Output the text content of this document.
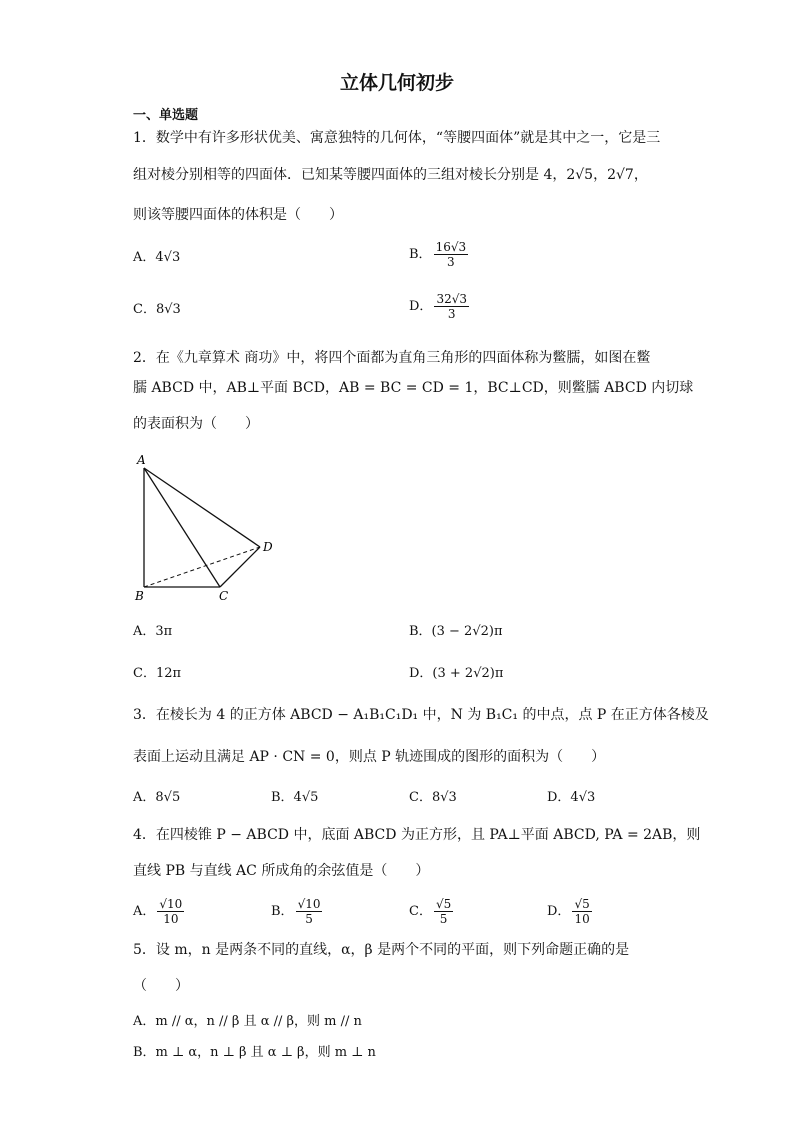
立体几何初步
一、单选题
1．数学中有许多形状优美、寓意独特的几何体，“等腰四面体”就是其中之一，它是三
组对棱分别相等的四面体．已知某等腰四面体的三组对棱长分别是 4，2√5，2√7，
则该等腰四面体的体积是（　　）
A．4√3	B． $\frac{16√3}{3}$
C．8√3	D． $\frac{32√3}{3}$
2．在《九章算术 商功》中，将四个面都为直角三角形的四面体称为鳖臑，如图在鳖
臑 ABCD 中，AB⊥平面 BCD，AB = BC = CD = 1，BC⊥CD，则鳖臑 ABCD 内切球
的表面积为（　　）
A
B	C
D
A．3π	B．(3 − 2√2)π
C．12π	D．(3 + 2√2)π
3．在棱长为 4 的正方体 ABCD − A₁B₁C₁D₁ 中，N 为 B₁C₁ 的中点，点 P 在正方体各棱及
表面上运动且满足 AP · CN = 0，则点 P 轨迹围成的图形的面积为（　　）
A．8√5	B．4√5	C．8√3	D．4√3
4．在四棱锥 P − ABCD 中，底面 ABCD 为正方形，且 PA⊥平面 ABCD, PA = 2AB，则
直线 PB 与直线 AC 所成角的余弦值是（　　）
A． $\frac{√10}{10}$	B． $\frac{√10}{5}$	C． $\frac{√5}{5}$	D． $\frac{√5}{10}$
5．设 m，n 是两条不同的直线，α，β 是两个不同的平面，则下列命题正确的是
（　　）
A．m // α，n // β 且 α // β，则 m // n
B．m ⊥ α，n ⊥ β 且 α ⊥ β，则 m ⊥ n
